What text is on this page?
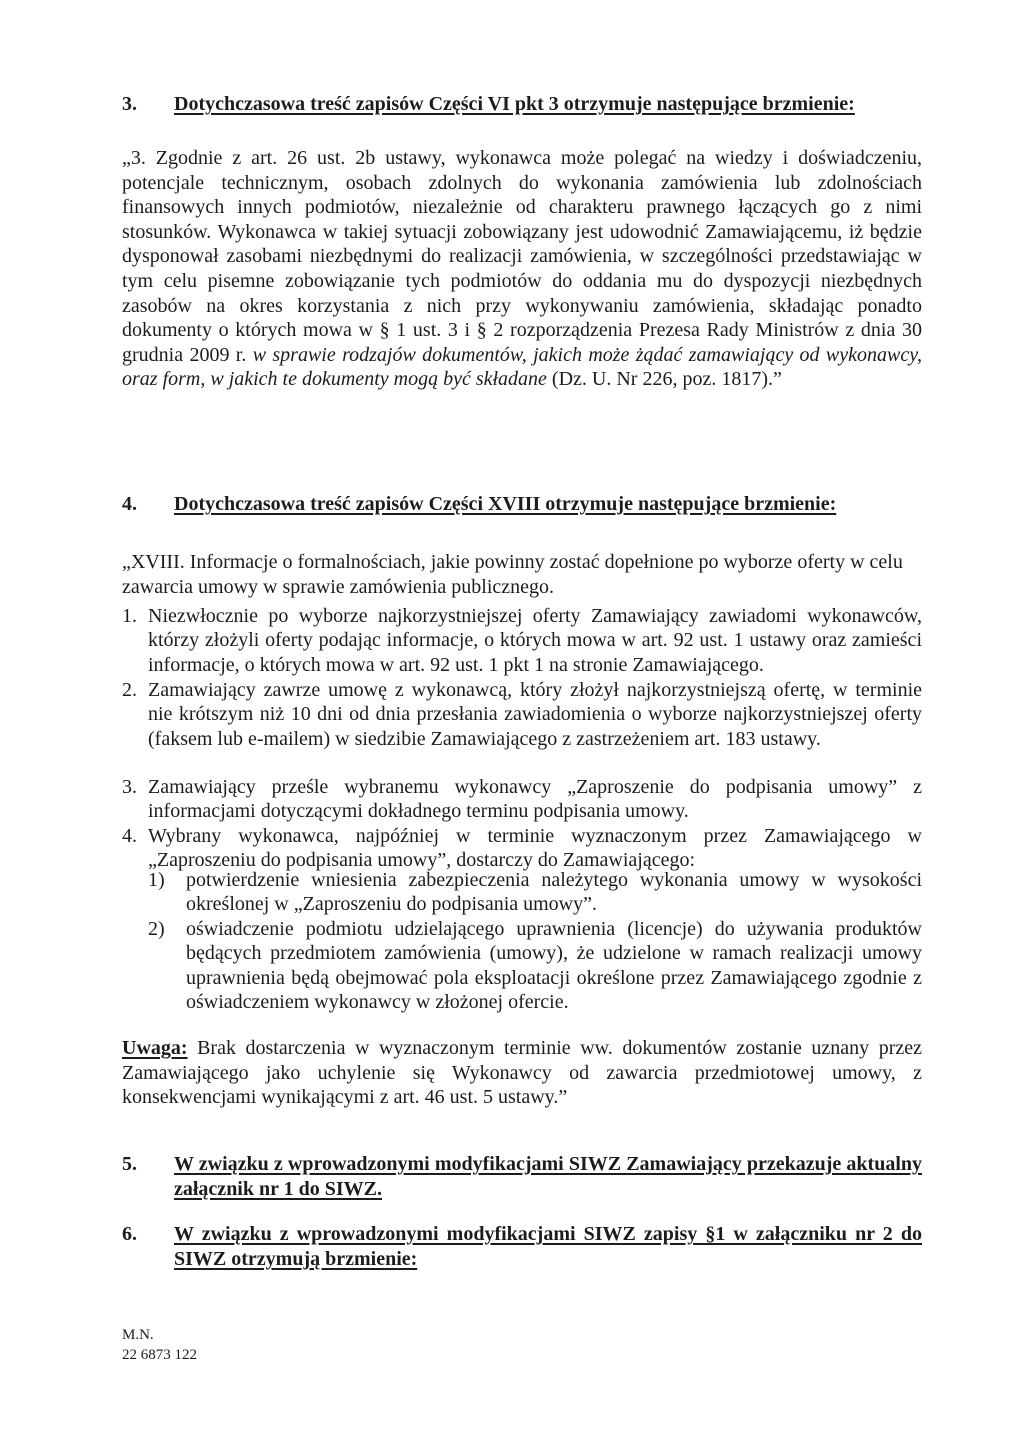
3. Dotychczasowa treść zapisów Części VI pkt 3 otrzymuje następujące brzmienie:

„3. Zgodnie z art. 26 ust. 2b ustawy, wykonawca może polegać na wiedzy i doświadczeniu, potencjale technicznym, osobach zdolnych do wykonania zamówienia lub zdolnościach finansowych innych podmiotów, niezależnie od charakteru prawnego łączących go z nimi stosunków. Wykonawca w takiej sytuacji zobowiązany jest udowodnić Zamawiającemu, iż będzie dysponował zasobami niezbędnymi do realizacji zamówienia, w szczególności przedstawiając w tym celu pisemne zobowiązanie tych podmiotów do oddania mu do dyspozycji niezbędnych zasobów na okres korzystania z nich przy wykonywaniu zamówienia, składając ponadto dokumenty o których mowa w § 1 ust. 3 i § 2 rozporządzenia Prezesa Rady Ministrów z dnia 30 grudnia 2009 r. w sprawie rodzajów dokumentów, jakich może żądać zamawiający od wykonawcy, oraz form, w jakich te dokumenty mogą być składane (Dz. U. Nr 226, poz. 1817).”

4. Dotychczasowa treść zapisów Części XVIII otrzymuje następujące brzmienie:

„XVIII. Informacje o formalnościach, jakie powinny zostać dopełnione po wyborze oferty w celu zawarcia umowy w sprawie zamówienia publicznego.

1. Niezwłocznie po wyborze najkorzystniejszej oferty Zamawiający zawiadomi wykonawców, którzy złożyli oferty podając informacje, o których mowa w art. 92 ust. 1 ustawy oraz zamieści informacje, o których mowa w art. 92 ust. 1 pkt 1 na stronie Zamawiającego.
2. Zamawiający zawrze umowę z wykonawcą, który złożył najkorzystniejszą ofertę, w terminie nie krótszym niż 10 dni od dnia przesłania zawiadomienia o wyborze najkorzystniejszej oferty (faksem lub e-mailem) w siedzibie Zamawiającego z zastrzeżeniem art. 183 ustawy.
3. Zamawiający prześle wybranemu wykonawcy „Zaproszenie do podpisania umowy” z informacjami dotyczącymi dokładnego terminu podpisania umowy.
4. Wybrany wykonawca, najpóźniej w terminie wyznaczonym przez Zamawiającego w „Zaproszeniu do podpisania umowy”, dostarczy do Zamawiającego:
1) potwierdzenie wniesienia zabezpieczenia należytego wykonania umowy w wysokości określonej w „Zaproszeniu do podpisania umowy”.
2) oświadczenie podmiotu udzielającego uprawnienia (licencje) do używania produktów będących przedmiotem zamówienia (umowy), że udzielone w ramach realizacji umowy uprawnienia będą obejmować pola eksploatacji określone przez Zamawiającego zgodnie z oświadczeniem wykonawcy w złożonej ofercie.

Uwaga: Brak dostarczenia w wyznaczonym terminie ww. dokumentów zostanie uznany przez Zamawiającego jako uchylenie się Wykonawcy od zawarcia przedmiotowej umowy, z konsekwencjami wynikającymi z art. 46 ust. 5 ustawy.”

5. W związku z wprowadzonymi modyfikacjami SIWZ Zamawiający przekazuje aktualny załącznik nr 1 do SIWZ.
6. W związku z wprowadzonymi modyfikacjami SIWZ zapisy §1 w załączniku nr 2 do SIWZ otrzymują brzmienie:
M.N.
22 6873 122
